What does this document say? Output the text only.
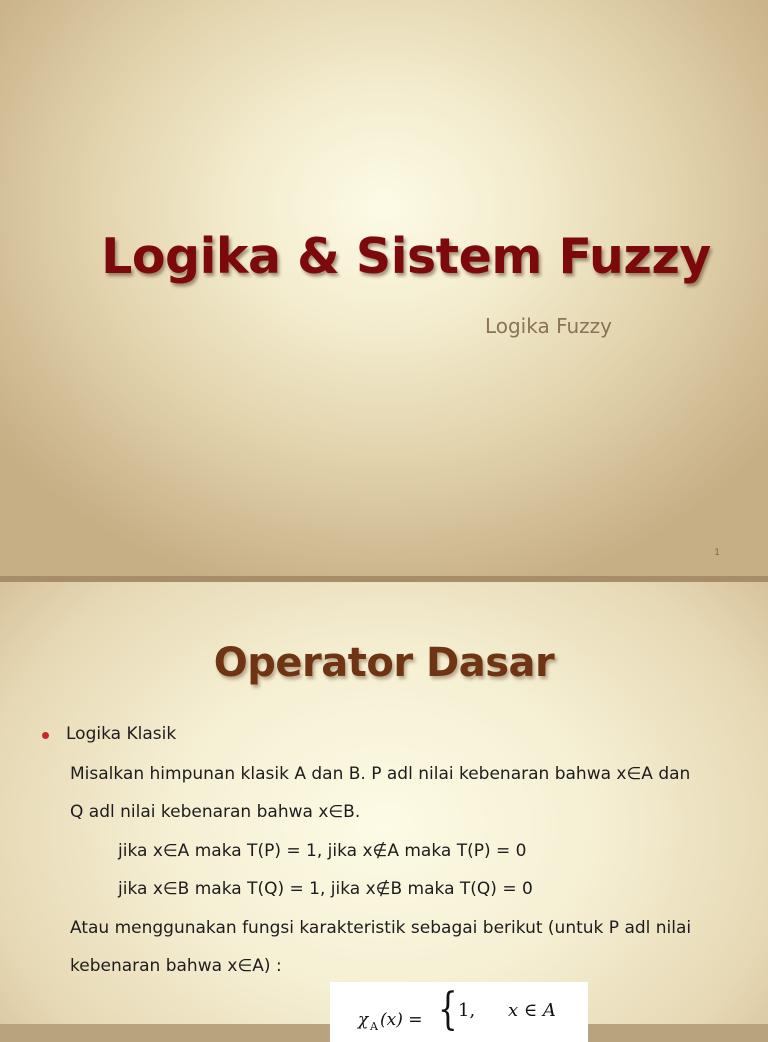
Logika & Sistem Fuzzy
Logika Fuzzy
1
Operator Dasar
Logika Klasik
Misalkan himpunan klasik A dan B. P adl nilai kebenaran bahwa x∈A dan
Q adl nilai kebenaran bahwa x∈B.
jika x∈A maka T(P) = 1, jika x∉A maka T(P) = 0
jika x∈B maka T(Q) = 1, jika x∉B maka T(Q) = 0
Atau menggunakan fungsi karakteristik sebagai berikut (untuk P adl nilai
kebenaran bahwa x∈A) :
χ A (x) = { 1, x ∈ A
